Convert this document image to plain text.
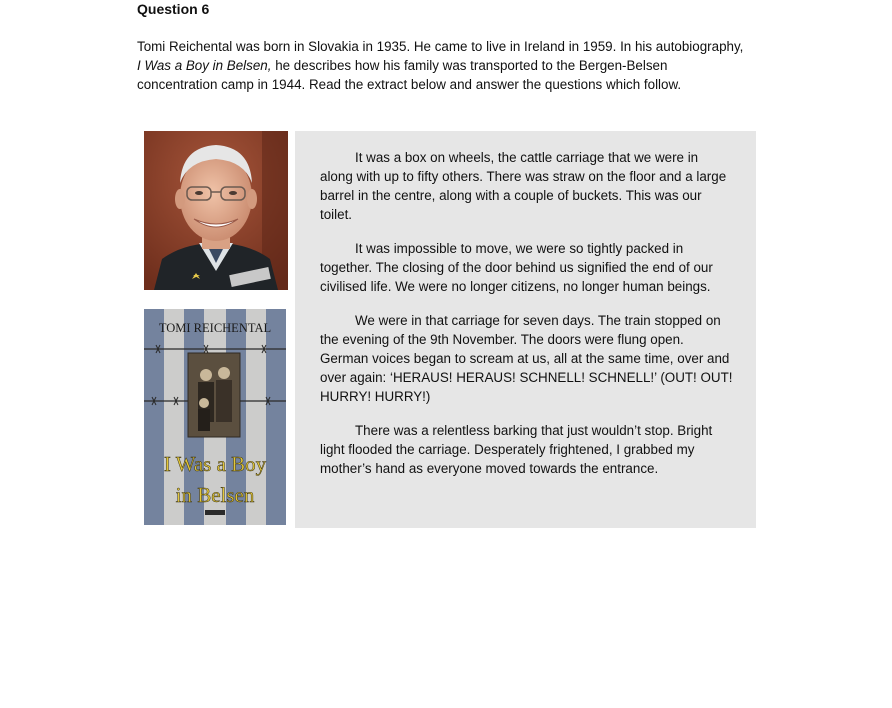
Question 6
Tomi Reichental was born in Slovakia in 1935. He came to live in Ireland in 1959. In his autobiography, I Was a Boy in Belsen, he describes how his family was transported to the Bergen-Belsen concentration camp in 1944. Read the extract below and answer the questions which follow.
TOMI REICHENTAL
I Was a Boy
in Belsen

It was a box on wheels, the cattle carriage that we were in along with up to fifty others. There was straw on the floor and a large barrel in the centre, along with a couple of buckets. This was our toilet.

It was impossible to move, we were so tightly packed in together. The closing of the door behind us signified the end of our civilised life. We were no longer citizens, no longer human beings.

We were in that carriage for seven days. The train stopped on the evening of the 9th November. The doors were flung open. German voices began to scream at us, all at the same time, over and over again: ‘HERAUS! HERAUS! SCHNELL! SCHNELL!’ (OUT! OUT! HURRY! HURRY!)

There was a relentless barking that just wouldn’t stop. Bright light flooded the carriage. Desperately frightened, I grabbed my mother’s hand as everyone moved towards the entrance.
